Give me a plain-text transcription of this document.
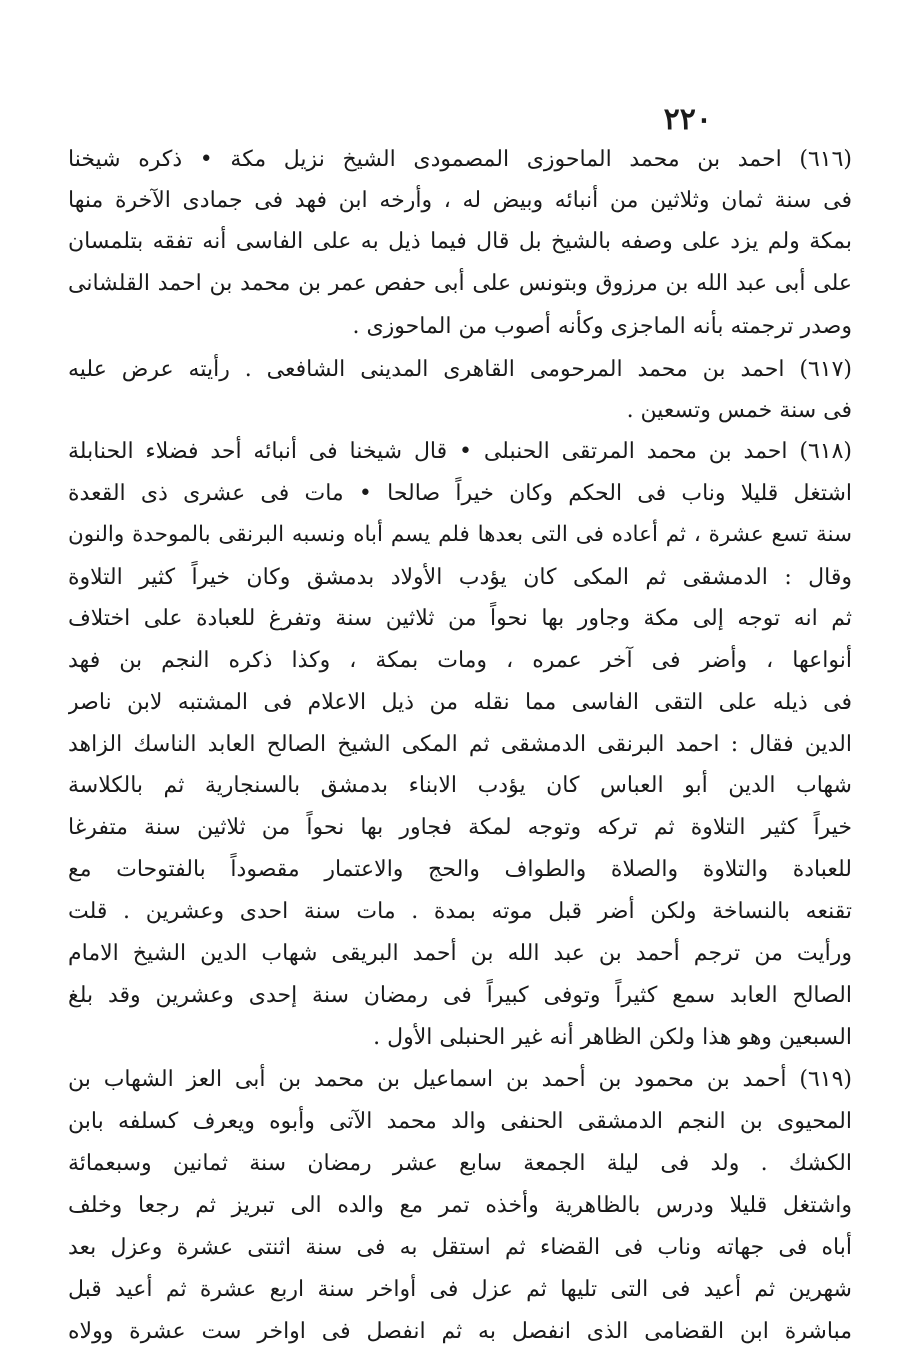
٢٢٠
(٦١٦) احمد بن محمد الماحوزى المصمودى الشيخ نزيل مكة • ذكره شيخنا
فى سنة ثمان وثلاثين من أنبائه وبيض له ، وأرخه ابن فهد فى جمادى الآخرة منها
بمكة ولم يزد على وصفه بالشيخ بل قال فيما ذيل به على الفاسى أنه تفقه بتلمسان
على أبى عبد الله بن مرزوق وبتونس على أبى حفص عمر بن محمد بن احمد القلشانى
وصدر ترجمته بأنه الماجزى وكأنه أصوب من الماحوزى .
(٦١٧) احمد بن محمد المرحومى القاهرى المدينى الشافعى . رأيته عرض عليه
فى سنة خمس وتسعين .
(٦١٨) احمد بن محمد المرتقى الحنبلى • قال شيخنا فى أنبائه أحد فضلاء الحنابلة
اشتغل قليلا وناب فى الحكم وكان خيراً صالحا • مات فى عشرى ذى القعدة
سنة تسع عشرة ، ثم أعاده فى التى بعدها فلم يسم أباه ونسبه البرنقى بالموحدة والنون
وقال : الدمشقى ثم المكى كان يؤدب الأولاد بدمشق وكان خيراً كثير التلاوة
ثم انه توجه إلى مكة وجاور بها نحواً من ثلاثين سنة وتفرغ للعبادة على اختلاف
أنواعها ، وأضر فى آخر عمره ، ومات بمكة ، وكذا ذكره النجم بن فهد
فى ذيله على التقى الفاسى مما نقله من ذيل الاعلام فى المشتبه لابن ناصر
الدين فقال : احمد البرنقى الدمشقى ثم المكى الشيخ الصالح العابد الناسك الزاهد
شهاب الدين أبو العباس كان يؤدب الابناء بدمشق بالسنجارية ثم بالكلاسة
خيراً كثير التلاوة ثم تركه وتوجه لمكة فجاور بها نحواً من ثلاثين سنة متفرغا
للعبادة والتلاوة والصلاة والطواف والحج والاعتمار مقصوداً بالفتوحات مع
تقنعه بالنساخة ولكن أضر قبل موته بمدة . مات سنة احدى وعشرين . قلت
ورأيت من ترجم أحمد بن عبد الله بن أحمد البريقى شهاب الدين الشيخ الامام
الصالح العابد سمع كثيراً وتوفى كبيراً فى رمضان سنة إحدى وعشرين وقد بلغ
السبعين وهو هذا ولكن الظاهر أنه غير الحنبلى الأول .
(٦١٩) أحمد بن محمود بن أحمد بن اسماعيل بن محمد بن أبى العز الشهاب بن
المحيوى بن النجم الدمشقى الحنفى والد محمد الآتى وأبوه ويعرف كسلفه بابن
الكشك . ولد فى ليلة الجمعة سابع عشر رمضان سنة ثمانين وسبعمائة
واشتغل قليلا ودرس بالظاهرية وأخذه تمر مع والده الى تبريز ثم رجعا وخلف
أباه فى جهاته وناب فى القضاء ثم استقل به فى سنة اثنتى عشرة وعزل بعد
شهرين ثم أعيد فى التى تليها ثم عزل فى أواخر سنة اربع عشرة ثم أعيد قبل
مباشرة ابن القضامى الذى انفصل به ثم انفصل فى اواخر ست عشرة وولاه
